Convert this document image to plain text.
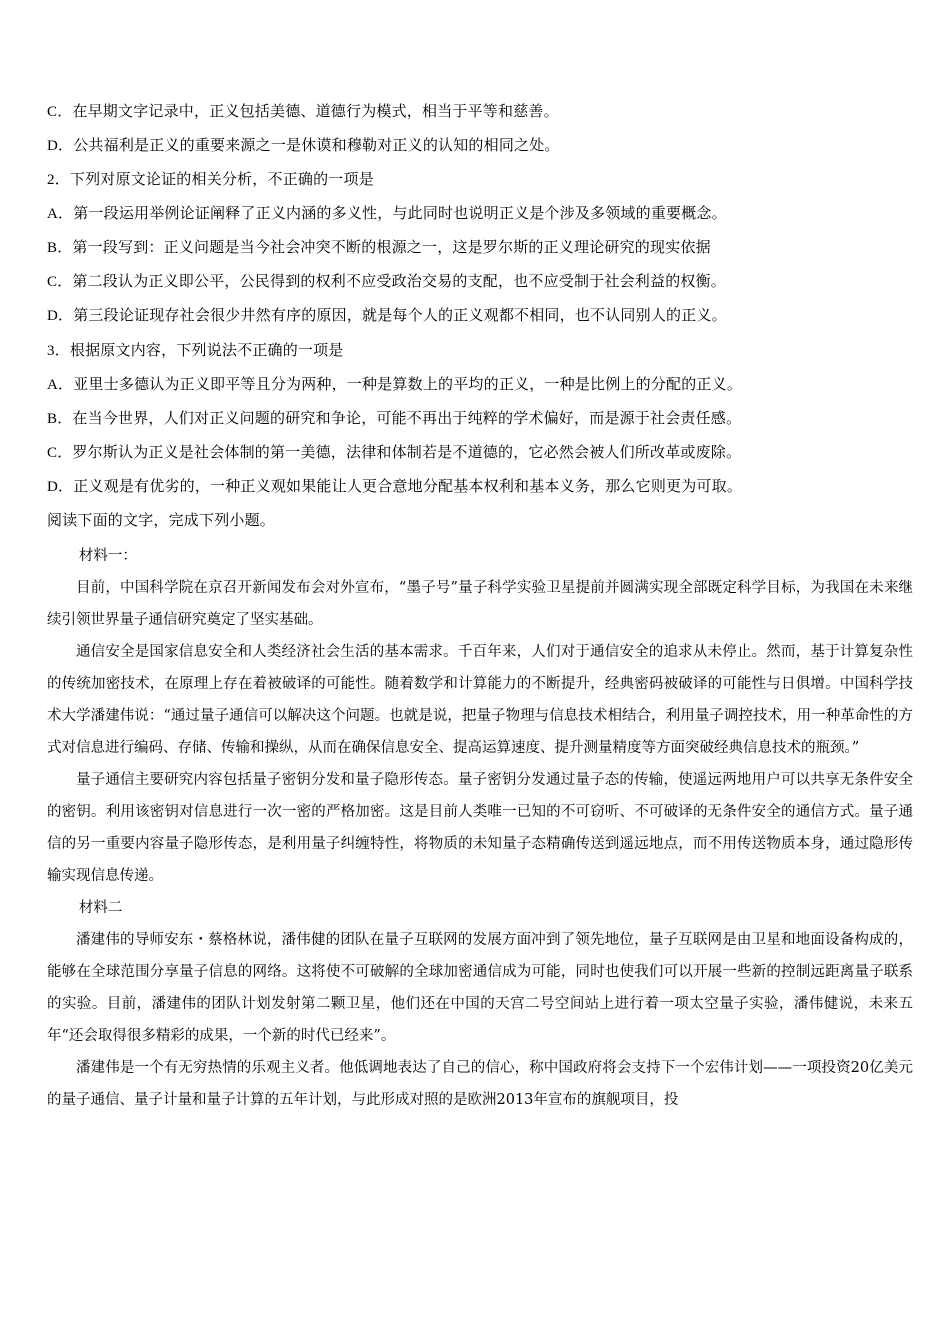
C．在早期文字记录中，正义包括美德、道德行为模式，相当于平等和慈善。
D．公共福利是正义的重要来源之一是休谟和穆勒对正义的认知的相同之处。
2．下列对原文论证的相关分析，不正确的一项是
A．第一段运用举例论证阐释了正义内涵的多义性，与此同时也说明正义是个涉及多领域的重要概念。
B．第一段写到：正义问题是当今社会冲突不断的根源之一，这是罗尔斯的正义理论研究的现实依据
C．第二段认为正义即公平，公民得到的权利不应受政治交易的支配，也不应受制于社会利益的权衡。
D．第三段论证现存社会很少井然有序的原因，就是每个人的正义观都不相同，也不认同别人的正义。
3．根据原文内容，下列说法不正确的一项是
A．亚里士多德认为正义即平等且分为两种，一种是算数上的平均的正义，一种是比例上的分配的正义。
B．在当今世界，人们对正义问题的研究和争论，可能不再出于纯粹的学术偏好，而是源于社会责任感。
C．罗尔斯认为正义是社会体制的第一美德，法律和体制若是不道德的，它必然会被人们所改革或废除。
D．正义观是有优劣的，一种正义观如果能让人更合意地分配基本权利和基本义务，那么它则更为可取。
阅读下面的文字，完成下列小题。

材料一：

目前，中国科学院在京召开新闻发布会对外宣布，“墨子号”量子科学实验卫星提前并圆满实现全部既定科学目标，为我国在未来继续引领世界量子通信研究奠定了坚实基础。

通信安全是国家信息安全和人类经济社会生活的基本需求。千百年来，人们对于通信安全的追求从未停止。然而，基于计算复杂性的传统加密技术，在原理上存在着被破译的可能性。随着数学和计算能力的不断提升，经典密码被破译的可能性与日俱增。中国科学技术大学潘建伟说：“通过量子通信可以解决这个问题。也就是说，把量子物理与信息技术相结合，利用量子调控技术，用一种革命性的方式对信息进行编码、存储、传输和操纵，从而在确保信息安全、提高运算速度、提升测量精度等方面突破经典信息技术的瓶颈。”

量子通信主要研究内容包括量子密钥分发和量子隐形传态。量子密钥分发通过量子态的传输，使遥远两地用户可以共享无条件安全的密钥。利用该密钥对信息进行一次一密的严格加密。这是目前人类唯一已知的不可窃听、不可破译的无条件安全的通信方式。量子通信的另一重要内容量子隐形传态，是利用量子纠缠特性，将物质的未知量子态精确传送到遥远地点，而不用传送物质本身，通过隐形传输实现信息传递。

材料二

潘建伟的导师安东・蔡格林说，潘伟健的团队在量子互联网的发展方面冲到了领先地位，量子互联网是由卫星和地面设备构成的，能够在全球范围分享量子信息的网络。这将使不可破解的全球加密通信成为可能，同时也使我们可以开展一些新的控制远距离量子联系的实验。目前，潘建伟的团队计划发射第二颗卫星，他们还在中国的天宫二号空间站上进行着一项太空量子实验，潘伟健说，未来五年“还会取得很多精彩的成果，一个新的时代已经来”。

潘建伟是一个有无穷热情的乐观主义者。他低调地表达了自己的信心，称中国政府将会支持下一个宏伟计划——一项投资20亿美元的量子通信、量子计量和量子计算的五年计划，与此形成对照的是欧洲2013年宣布的旗舰项目，投
